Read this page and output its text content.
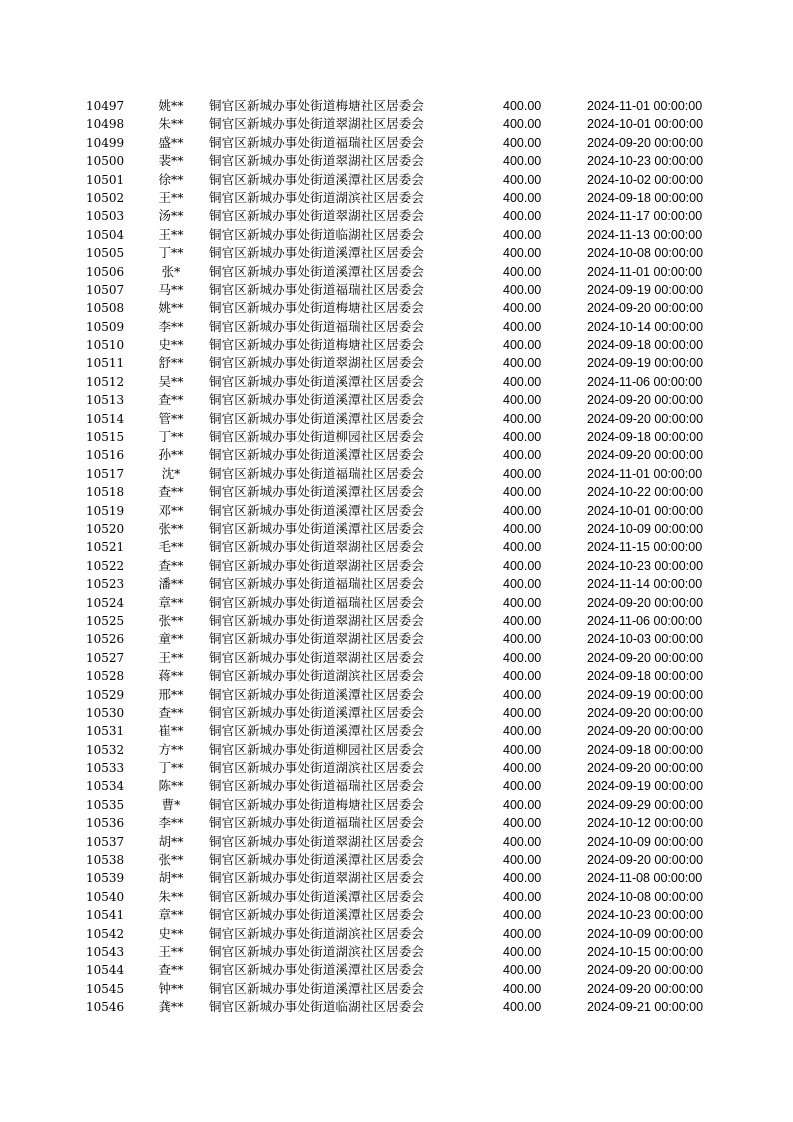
10497	姚** 铜官区新城办事处街道梅塘社区居委会	400.00	2024-11-01 00:00:00
10498	朱** 铜官区新城办事处街道翠湖社区居委会	400.00	2024-10-01 00:00:00
10499	盛** 铜官区新城办事处街道福瑞社区居委会	400.00	2024-09-20 00:00:00
10500	裴** 铜官区新城办事处街道翠湖社区居委会	400.00	2024-10-23 00:00:00
10501	徐** 铜官区新城办事处街道溪潭社区居委会	400.00	2024-10-02 00:00:00
10502	王** 铜官区新城办事处街道湖滨社区居委会	400.00	2024-09-18 00:00:00
10503	汤** 铜官区新城办事处街道翠湖社区居委会	400.00	2024-11-17 00:00:00
10504	王** 铜官区新城办事处街道临湖社区居委会	400.00	2024-11-13 00:00:00
10505	丁** 铜官区新城办事处街道溪潭社区居委会	400.00	2024-10-08 00:00:00
10506	张*	铜官区新城办事处街道溪潭社区居委会	400.00	2024-11-01 00:00:00
10507	马** 铜官区新城办事处街道福瑞社区居委会	400.00	2024-09-19 00:00:00
10508	姚** 铜官区新城办事处街道梅塘社区居委会	400.00	2024-09-20 00:00:00
10509	李** 铜官区新城办事处街道福瑞社区居委会	400.00	2024-10-14 00:00:00
10510	史** 铜官区新城办事处街道梅塘社区居委会	400.00	2024-09-18 00:00:00
10511	舒** 铜官区新城办事处街道翠湖社区居委会	400.00	2024-09-19 00:00:00
10512	吴** 铜官区新城办事处街道溪潭社区居委会	400.00	2024-11-06 00:00:00
10513	查** 铜官区新城办事处街道溪潭社区居委会	400.00	2024-09-20 00:00:00
10514	管** 铜官区新城办事处街道溪潭社区居委会	400.00	2024-09-20 00:00:00
10515	丁** 铜官区新城办事处街道柳园社区居委会	400.00	2024-09-18 00:00:00
10516	孙** 铜官区新城办事处街道溪潭社区居委会	400.00	2024-09-20 00:00:00
10517	沈*	铜官区新城办事处街道福瑞社区居委会	400.00	2024-11-01 00:00:00
10518	查** 铜官区新城办事处街道溪潭社区居委会	400.00	2024-10-22 00:00:00
10519	邓** 铜官区新城办事处街道溪潭社区居委会	400.00	2024-10-01 00:00:00
10520	张** 铜官区新城办事处街道溪潭社区居委会	400.00	2024-10-09 00:00:00
10521	毛** 铜官区新城办事处街道翠湖社区居委会	400.00	2024-11-15 00:00:00
10522	查** 铜官区新城办事处街道翠湖社区居委会	400.00	2024-10-23 00:00:00
10523	潘** 铜官区新城办事处街道福瑞社区居委会	400.00	2024-11-14 00:00:00
10524	章** 铜官区新城办事处街道福瑞社区居委会	400.00	2024-09-20 00:00:00
10525	张** 铜官区新城办事处街道翠湖社区居委会	400.00	2024-11-06 00:00:00
10526	童** 铜官区新城办事处街道翠湖社区居委会	400.00	2024-10-03 00:00:00
10527	王** 铜官区新城办事处街道翠湖社区居委会	400.00	2024-09-20 00:00:00
10528	蒋** 铜官区新城办事处街道湖滨社区居委会	400.00	2024-09-18 00:00:00
10529	邢** 铜官区新城办事处街道溪潭社区居委会	400.00	2024-09-19 00:00:00
10530	查** 铜官区新城办事处街道溪潭社区居委会	400.00	2024-09-20 00:00:00
10531	崔** 铜官区新城办事处街道溪潭社区居委会	400.00	2024-09-20 00:00:00
10532	方** 铜官区新城办事处街道柳园社区居委会	400.00	2024-09-18 00:00:00
10533	丁** 铜官区新城办事处街道湖滨社区居委会	400.00	2024-09-20 00:00:00
10534	陈** 铜官区新城办事处街道福瑞社区居委会	400.00	2024-09-19 00:00:00
10535	曹*	铜官区新城办事处街道梅塘社区居委会	400.00	2024-09-29 00:00:00
10536	李** 铜官区新城办事处街道福瑞社区居委会	400.00	2024-10-12 00:00:00
10537	胡** 铜官区新城办事处街道翠湖社区居委会	400.00	2024-10-09 00:00:00
10538	张** 铜官区新城办事处街道溪潭社区居委会	400.00	2024-09-20 00:00:00
10539	胡** 铜官区新城办事处街道翠湖社区居委会	400.00	2024-11-08 00:00:00
10540	朱** 铜官区新城办事处街道溪潭社区居委会	400.00	2024-10-08 00:00:00
10541	章** 铜官区新城办事处街道溪潭社区居委会	400.00	2024-10-23 00:00:00
10542	史** 铜官区新城办事处街道湖滨社区居委会	400.00	2024-10-09 00:00:00
10543	王** 铜官区新城办事处街道湖滨社区居委会	400.00	2024-10-15 00:00:00
10544	查** 铜官区新城办事处街道溪潭社区居委会	400.00	2024-09-20 00:00:00
10545	钟** 铜官区新城办事处街道溪潭社区居委会	400.00	2024-09-20 00:00:00
10546	龚** 铜官区新城办事处街道临湖社区居委会	400.00	2024-09-21 00:00:00
